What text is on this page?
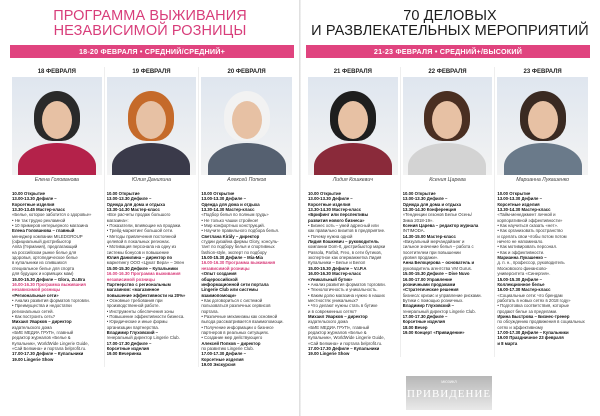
ПРОГРАММА ВЫЖИВАНИЯ
НЕЗАВИСИМОЙ РОЗНИЦЫ
18-20 ФЕВРАЛЯ • СРЕДНИЙ/СРЕДНИЙ+
18 ФЕВРАЛЯ
Елена Голованова
10.00 Открытие
13.00-13.30 Дефиле –
Корсетные изделия
13.30-13.45 Мастер-класс
«Белье, которое заботится о здоровье»
• Не так трудно рекламной
• 10 примеров интерьерного магазина
Елена Голованова – главный
менеджер компании MILEDGROUP
(официальный дистрибьютор
Anita (Германия), предлагающий
на российском рынке белье для
здоровья, ортопедическое белье
в купальники из слившихся
специальное белье для спорта
для будущих и кормящих мам)
15.00-15.30 Дефиле – Glоrа, Zu.Bra
16.00-16.30 Программа выживания
независимой розницы
«Региональные сети»
• Анализ развития форматов торговли.
• Преимущества и недостатки
региональных сетей.
• Как построить сеть?
Михаил Уварков – директор
издательского дома
«БИЕ МЕДИА ГРУП», главный
редактор журналов «Белье &
Купальник», WorldWide Lingerie Guide,
«Сай Белкина» и портала belprofit.ru.
17.00-17.30 Дефиле – Купальники
19.00 Lingerie Show
19 ФЕВРАЛЯ
Юлия Данилина
10.00 Открытие
13.00-13.30 Дефиле –
Одежда для дома и отдыха
13.30-14.30 Мастер-класс
«Все расчеты продаж большого
магазина»:
• Показатели, влияющие на продажи.
• Трейд-маркетинг большой сети.
• Методы привлечения постоянной
целевой в локальных регионах.
• Мотивация персонала на одну из
системы бонусов и повышение
Юлия Данилина – директор по
маркетингу ООО «Цукат Вера» – Эпен
15.00-15.30 Дефиле – Купальники
16.00-16.30 Программа выживания
независимой розницы
Партнерство с региональным
магазином: «магазинное
повышение эффективности на 20%»
• Основные требования при
производственной работе.
• Инструменты обеспечения зоны
• Повышение эффективности бизнеса.
• Юридические и иные формы
организации партнерства.
Владимир Глуховский –
генеральный директор Lingerie Club.
17.00-17.30 Дефиле –
Корсетные изделия
19.00 Вечеринка
20 ФЕВРАЛЯ
Алексей Попков
10.00 Открытие
13.00-13.30 Дефиле –
Одежда для дома и отдыха
13.30-14.30 Мастер-класс
«Подбор белья по полным грудь»
• Не только чашки стройное!
• Мир конфортных конструкций.
• Научите правильного подбора белья.
Светлана Király – директор
студии дизайна фирмы Glory, консуль-
тант по подбору белья и спортивных
fashion-style, эксперт по подбору
15.00-15.30 Дефиле – Mia-Mia
16.00-16.30 Программа выживания
независимой розницы
«Опыт создания
общероссийской
информационной сети портала
Lingerie Club или системы
взаимопомощи»
• Как договориться с системой
пользоваться различных сервисов
портала.
• Различные механизмы как основной
выгода рассматривается взаимопомощи.
• Получение информации о бизнесе
партнеров в реальных ситуациях.
• Создание мер действующего
Алексей Попков – директор
по развитию Lingerie Club.
17.00-17.30 Дефиле –
Корсетные изделия
19.00 Экскурсия
70 ДЕЛОВЫХ
И РАЗВЛЕКАТЕЛЬНЫХ МЕРОПРИЯТИЙ
21-23 ФЕВРАЛЯ • СРЕДНИЙ+/ВЫСОКИЙ
21 ФЕВРАЛЯ
Лидия Кошкевич
10.00 Открытие
13.00-13.30 Дефиле –
Корсетные изделия
13.30-14.30 Мастер-класс
«Брифинг или перспективы
развития нового бизнеса»
• Бизнес хоть – умей адресный или
как правильно визитов в предприятие.
• Почему нужна одной
Лидия Кошкевич – руководитель
компании Dom-It, дистрибьютор марки
Passola, Parfait, Freo, в сети бутиков,
экспертное как оперманжетка Лидия
Купальники – Белье и Белоп
15.00-15.30 Дефиле – V.I.P.A
16.00-16.30 Мастер-класс
«Уникальный бутик»
• Анализ развития форматов торговли.
• Технологичность и уникальность.
• Каким долю магазина нужно в наших
местностях уникальных?
• Что делают нужны стать в бутике
и в современных сетях?
Михаил Уварков – директор
издательского дома
«БИЕ МЕДИА ГРУП», главный
редактор журналов «Белье &
Купальник», WorldWide Lingerie Guide,
«Сай Белкина» и портала belprofit.ru.
17.00-17.30 Дефиле – Купальники
19.00 Lingerie Show
22 ФЕВРАЛЯ
Ксения Царева
10.00 Открытие
13.00-13.30 Дефиле –
Одежда для дома и отдыха
13.30-14.30 Конференция
«Тенденции сезонов Белье Осень/
Зима 2018-19».
Ксения Царева – редактор журнала
INTIMODA.
14.30-15.00 Мастер-класс
«Визуальный мерчандайзинг и
сильное значение белья – работа с
посетителем при повышении
уровня продажи».
Анна Белоцерова – основатель и
руководитель агентства VM Gurus.
15.00-15.30 Дефиле – Dive Nuvo
16.00-17.00 Управление
розничными продажами
«Стратегические решения
бизнеса: кризис и управление рисками.
Бутики с помощью розничных.
Владимир Глуховский –
генеральный директор Lingerie Club.
17.00-17.30 Дефиле –
Корсетные изделия
18.00 Вечер
19.00 Концерт «Привидение»
23 ФЕВРАЛЯ
Марианна Лукашенко
10.00 Открытие
13.00-13.30 Дефиле –
Корсетные изделия
13.30-14.30 Мастер-класс
«Тайм-менеджмент личной и
корпоративной эффективности»
• Как научиться сказать «нет».
• Как организовать пространство
и сделать свои чтобы потом потом
ничего не напоминало.
• Как мотивировать персонал.
• Как и эффективности.
Марианна Лукашенко –
д. п. н., профессор, руководитель
Московского финансово-
университета «Синергия».
15.00-15.30 Дефиле –
Коллекционное белье
16.00-17.30 Мастер-класс
«Социальные сети: что брендам
работать в новых сетях в 2018 году»
• Подготовка соответствия, которые
продают белье за пределами.
Ирина Быстрова – Бизнес-тренер
по обсуждению продвижения в социальных
сетях и эффективному
17.00-17.30 Дефиле – Купальники
19.00 Праздничное 23 февраля
и 8 марта
МЮЗИКЛ
ПРИВИДЕНИЕ
